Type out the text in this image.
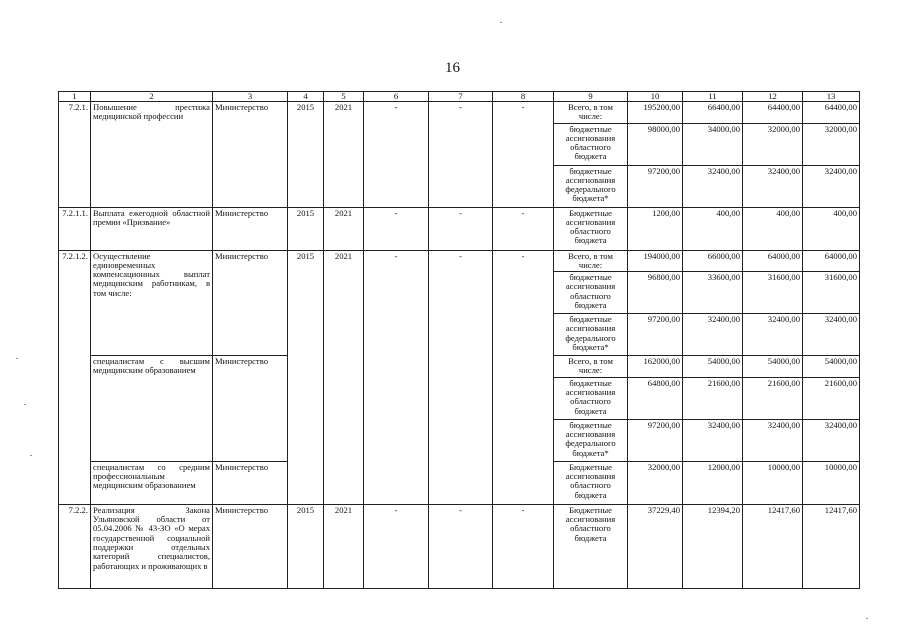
16
1	2	3	4	5	6	7	8	9	10	11	12	13
7.2.1.	Повышение престижа медицинской профессии	Министерство	2015	2021	-	-	-	Всего, в том числе:	195200,00	66400,00	64400,00	64400,00
								бюджетные ассигнования областного бюджета	98000,00	34000,00	32000,00	32000,00
								бюджетные ассигнования федерального бюджета*	97200,00	32400,00	32400,00	32400,00
7.2.1.1.	Выплата ежегодной областной премии «Призвание»	Министерство	2015	2021	-	-	-	Бюджетные ассигнования областного бюджета	1200,00	400,00	400,00	400,00
7.2.1.2.	Осуществление единовременных компенсационных выплат медицинским работникам, в том числе:	Министерство	2015	2021	-	-	-	Всего, в том числе:	194000,00	66000,00	64000,00	64000,00
								бюджетные ассигнования областного бюджета	96800,00	33600,00	31600,00	31600,00
								бюджетные ассигнования федерального бюджета*	97200,00	32400,00	32400,00	32400,00
	специалистам с высшим медицинским образованием	Министерство						Всего, в том числе:	162000,00	54000,00	54000,00	54000,00
								бюджетные ассигнования областного бюджета	64800,00	21600,00	21600,00	21600,00
								бюджетные ассигнования федерального бюджета*	97200,00	32400,00	32400,00	32400,00
	специалистам со средним профессиональным медицинским образованием	Министерство						Бюджетные ассигнования областного бюджета	32000,00	12000,00	10000,00	10000,00
7.2.2.	Реализация Закона Ульяновской области от 05.04.2006 № 43-ЗО «О мерах государственной социальной поддержки отдельных категорий специалистов, работающих и проживающих в	Министерство	2015	2021	-	-	-	Бюджетные ассигнования областного бюджета	37229,40	12394,20	12417,60	12417,60
